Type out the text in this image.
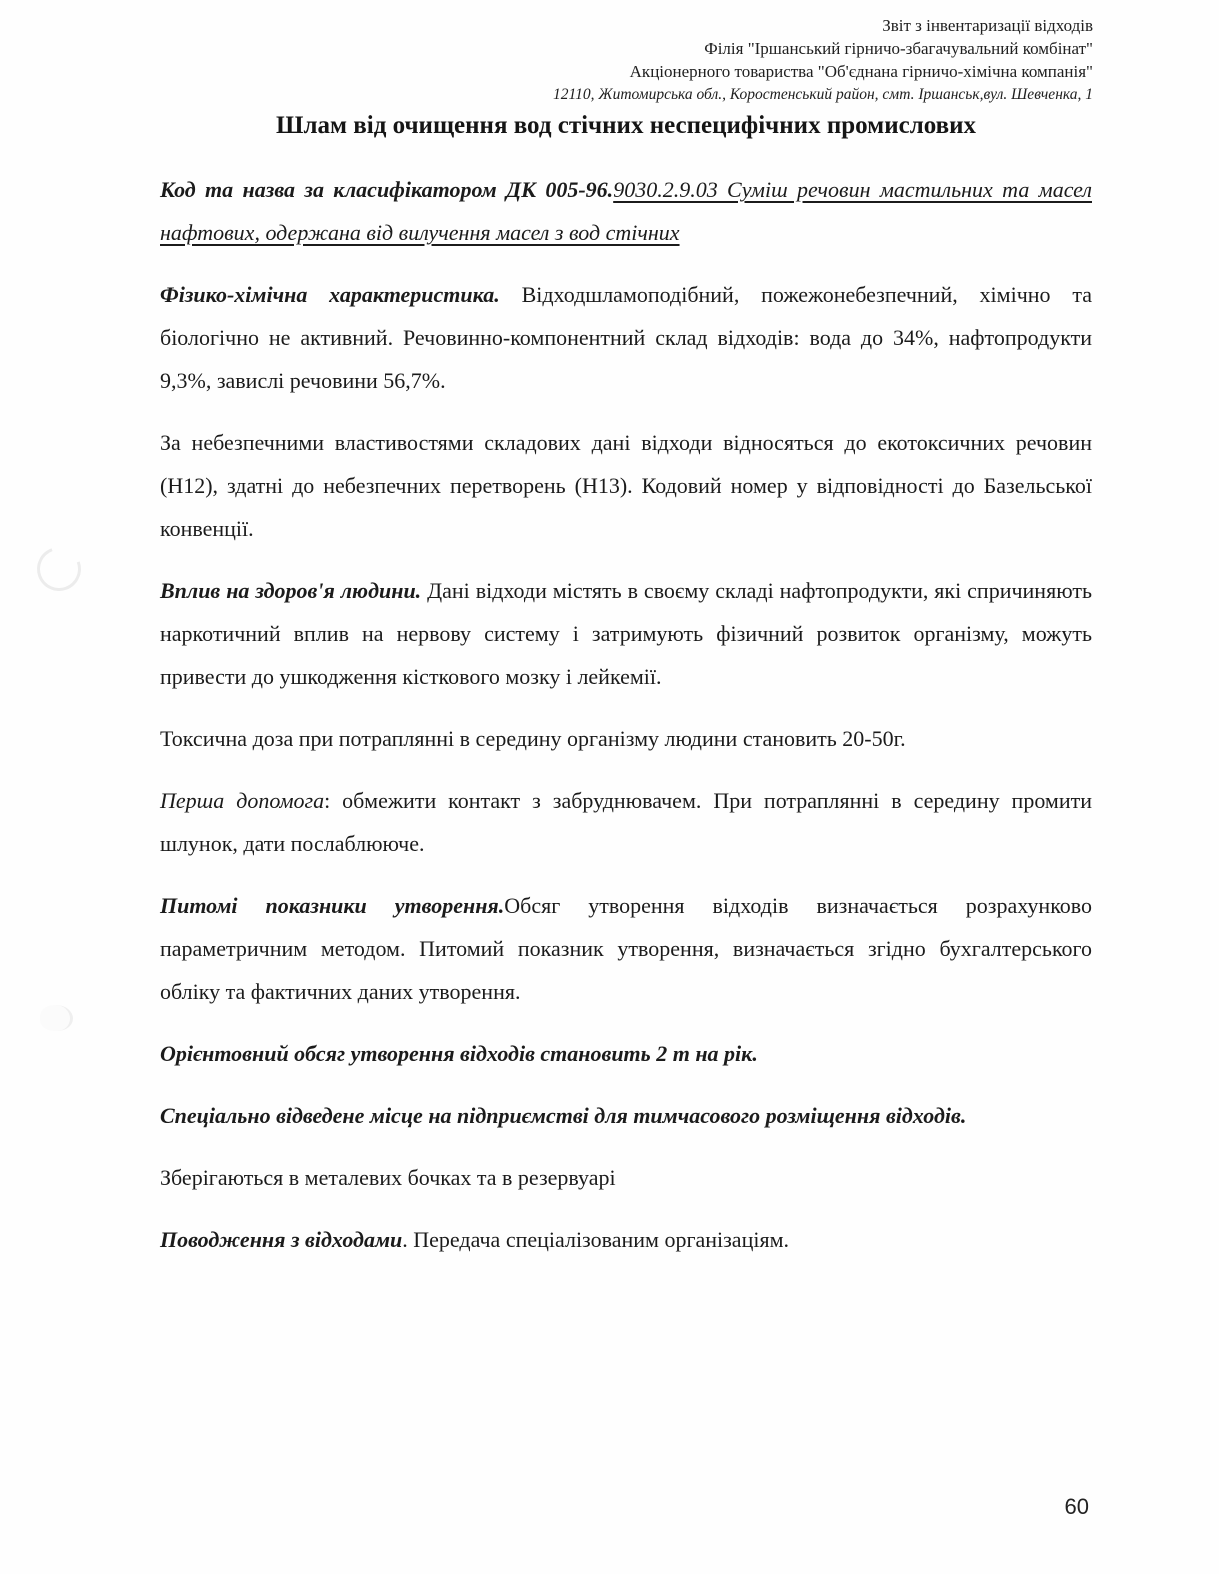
Звіт з інвентаризації відходів
Філія "Іршанський гірничо-збагачувальний комбінат"
Акціонерного товариства "Об'єднана гірничо-хімічна компанія"
12110, Житомирська обл., Коростенський район, смт. Іршанськ,вул. Шевченка, 1
Шлам від очищення вод стічних неспецифічних промислових

Код та назва за класифікатором ДК 005-96.9030.2.9.03 Суміш речовин мастильних та масел нафтових, одержана від вилучення масел з вод стічних

Фізико-хімічна характеристика. Відходшламоподібний, пожежонебезпечний, хімічно та біологічно не активний. Речовинно-компонентний склад відходів: вода до 34%, нафтопродукти 9,3%, завислі речовини 56,7%.

За небезпечними властивостями складових дані відходи відносяться до екотоксичних речовин (Н12), здатні до небезпечних перетворень (Н13). Кодовий номер у відповідності до Базельської конвенції.

Вплив на здоров'я людини. Дані відходи містять в своєму складі нафтопродукти, які спричиняють наркотичний вплив на нервову систему і затримують фізичний розвиток організму, можуть привести до ушкодження кісткового мозку і лейкемії.

Токсична доза при потраплянні в середину організму людини становить 20-50г.

Перша допомога: обмежити контакт з забруднювачем. При потраплянні в середину промити шлунок, дати послаблююче.

Питомі показники утворення.Обсяг утворення відходів визначається розрахунково параметричним методом. Питомий показник утворення, визначається згідно бухгалтерського обліку та фактичних даних утворення.

Орієнтовний обсяг утворення відходів становить 2 т на рік.

Спеціально відведене місце на підприємстві для тимчасового розміщення відходів.

Зберігаються в металевих бочках та в резервуарі

Поводження з відходами. Передача спеціалізованим організаціям.

60
